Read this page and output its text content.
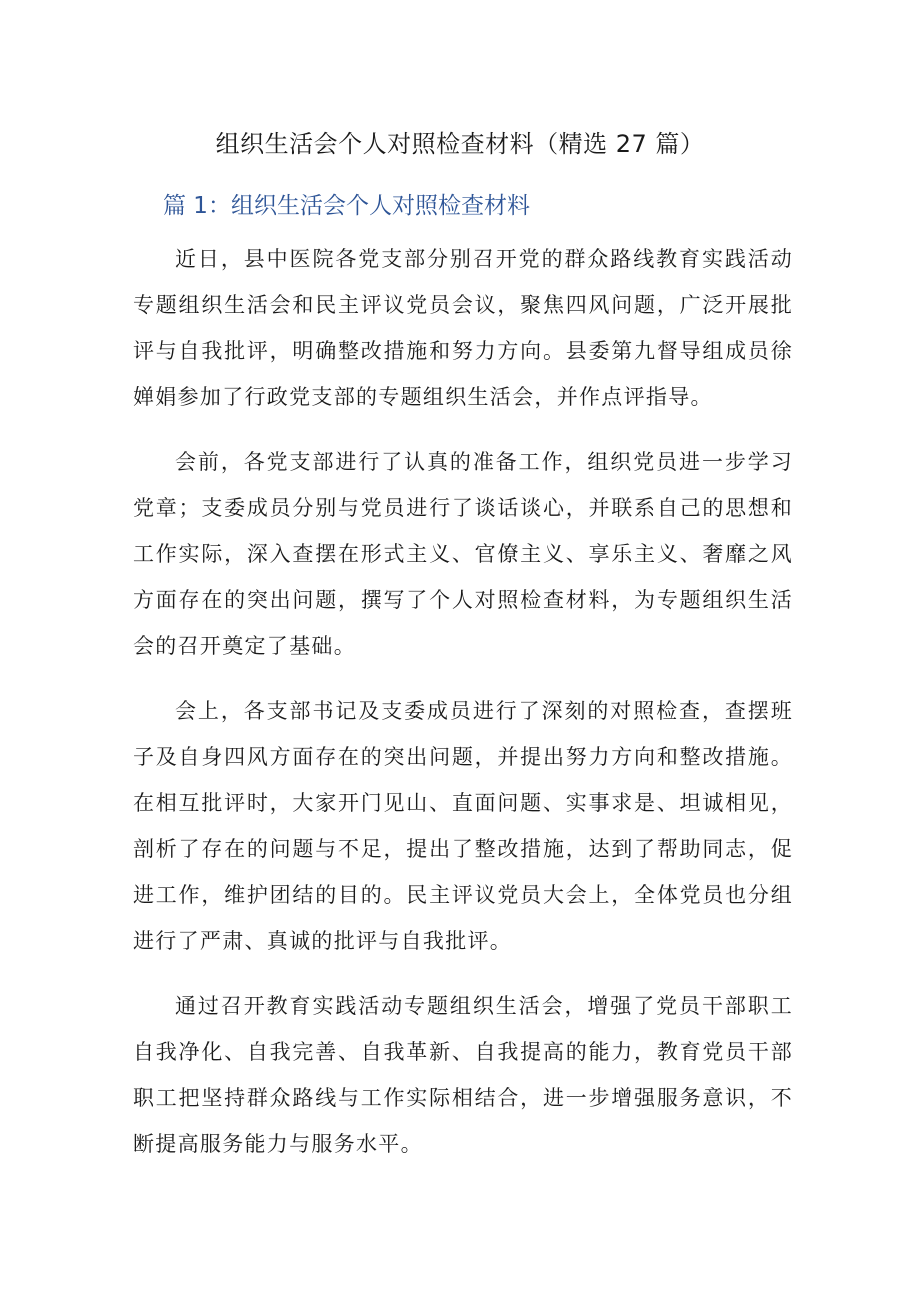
组织生活会个人对照检查材料（精选 27 篇）
篇 1：组织生活会个人对照检查材料

近日，县中医院各党支部分别召开党的群众路线教育实践活动专题组织生活会和民主评议党员会议，聚焦四风问题，广泛开展批评与自我批评，明确整改措施和努力方向。县委第九督导组成员徐婵娟参加了行政党支部的专题组织生活会，并作点评指导。

会前，各党支部进行了认真的准备工作，组织党员进一步学习党章；支委成员分别与党员进行了谈话谈心，并联系自己的思想和工作实际，深入查摆在形式主义、官僚主义、享乐主义、奢靡之风方面存在的突出问题，撰写了个人对照检查材料，为专题组织生活会的召开奠定了基础。

会上，各支部书记及支委成员进行了深刻的对照检查，查摆班子及自身四风方面存在的突出问题，并提出努力方向和整改措施。在相互批评时，大家开门见山、直面问题、实事求是、坦诚相见，剖析了存在的问题与不足，提出了整改措施，达到了帮助同志，促进工作，维护团结的目的。民主评议党员大会上，全体党员也分组进行了严肃、真诚的批评与自我批评。

通过召开教育实践活动专题组织生活会，增强了党员干部职工自我净化、自我完善、自我革新、自我提高的能力，教育党员干部职工把坚持群众路线与工作实际相结合，进一步增强服务意识，不断提高服务能力与服务水平。
